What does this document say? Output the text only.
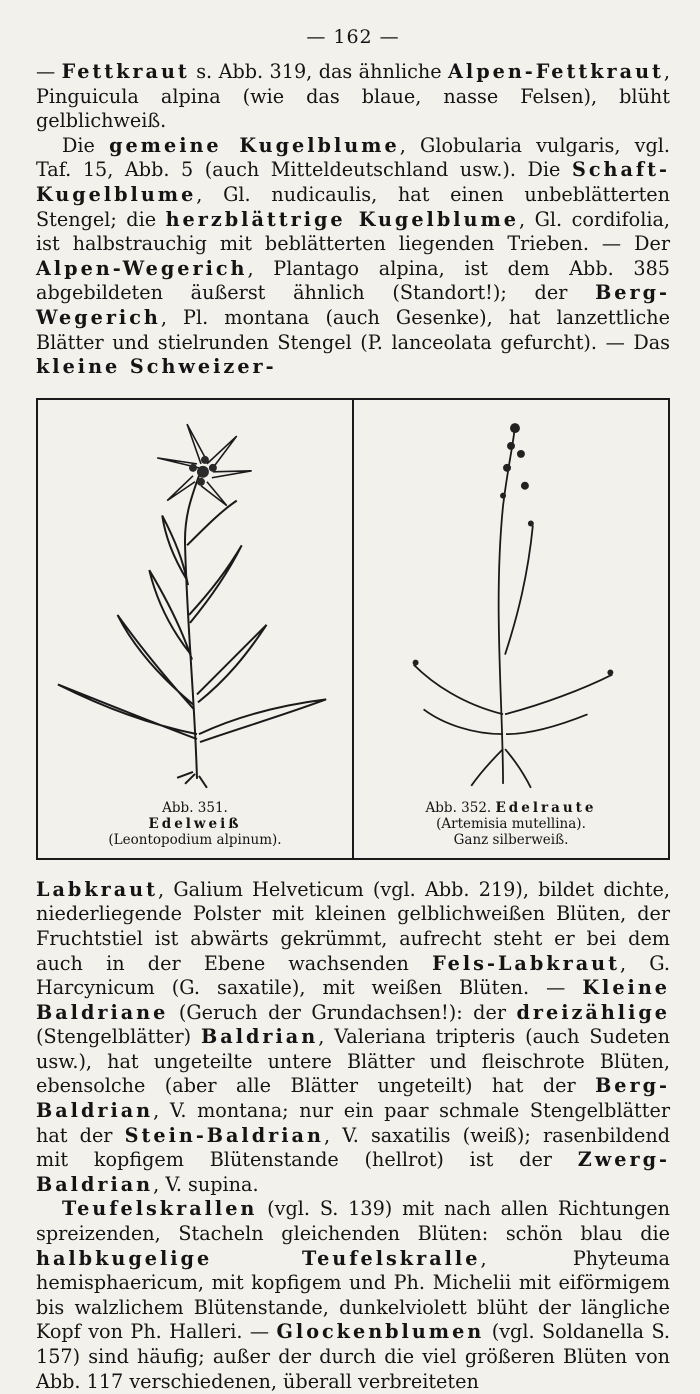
— 162 —

— Fettkraut s. Abb. 319, das ähnliche Alpen-Fettkraut, Pinguicula alpina (wie das blaue, nasse Felsen), blüht gelblichweiß.

Die gemeine Kugelblume, Globularia vulgaris, vgl. Taf. 15, Abb. 5 (auch Mitteldeutschland usw.). Die Schaft-Kugelblume, Gl. nudicaulis, hat einen unbeblätterten Stengel; die herzblättrige Kugelblume, Gl. cordifolia, ist halbstrauchig mit beblätterten liegenden Trieben. — Der Alpen-Wegerich, Plantago alpina, ist dem Abb. 385 abgebildeten äußerst ähnlich (Standort!); der Berg-Wegerich, Pl. montana (auch Gesenke), hat lanzettliche Blätter und stielrunden Stengel (P. lanceolata gefurcht). — Das kleine Schweizer-

Abb. 351.
Edelweiß
(Leontopodium alpinum).
Abb. 352. Edelraute
(Artemisia mutellina).
Ganz silberweiß.

Labkraut, Galium Helveticum (vgl. Abb. 219), bildet dichte, niederliegende Polster mit kleinen gelblichweißen Blüten, der Fruchtstiel ist abwärts gekrümmt, aufrecht steht er bei dem auch in der Ebene wachsenden Fels-Labkraut, G. Harcynicum (G. saxatile), mit weißen Blüten. — Kleine Baldriane (Geruch der Grundachsen!): der dreizählige (Stengelblätter) Baldrian, Valeriana tripteris (auch Sudeten usw.), hat ungeteilte untere Blätter und fleischrote Blüten, ebensolche (aber alle Blätter ungeteilt) hat der Berg-Baldrian, V. montana; nur ein paar schmale Stengelblätter hat der Stein-Baldrian, V. saxatilis (weiß); rasenbildend mit kopfigem Blütenstande (hellrot) ist der Zwerg-Baldrian, V. supina.

Teufelskrallen (vgl. S. 139) mit nach allen Richtungen spreizenden, Stacheln gleichenden Blüten: schön blau die halbkugelige Teufelskralle, Phyteuma hemisphaericum, mit kopfigem und Ph. Michelii mit eiförmigem bis walzlichem Blütenstande, dunkelviolett blüht der längliche Kopf von Ph. Halleri. — Glockenblumen (vgl. Soldanella S. 157) sind häufig; außer der durch die viel größeren Blüten von Abb. 117 verschiedenen, überall verbreiteten
